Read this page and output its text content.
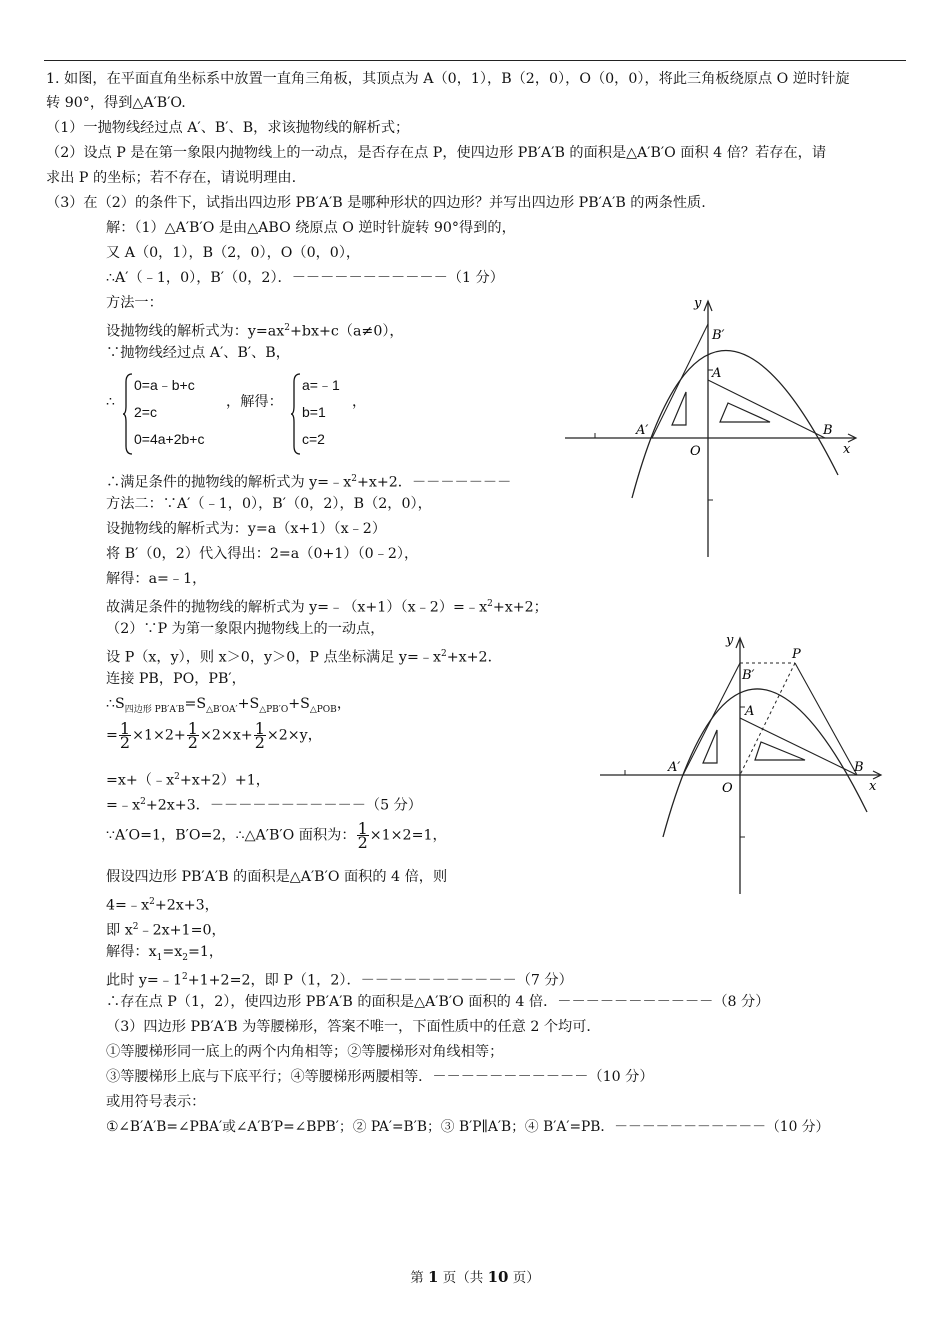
1. 如图，在平面直角坐标系中放置一直角三角板，其顶点为 A（0，1），B（2，0），O（0，0），将此三角板绕原点 O 逆时针旋
转 90°，得到△A′B′O.
（1）一抛物线经过点 A′、B′、B，求该抛物线的解析式；
（2）设点 P 是在第一象限内抛物线上的一动点，是否存在点 P，使四边形 PB′A′B 的面积是△A′B′O 面积 4 倍？若存在，请
求出 P 的坐标；若不存在，请说明理由.
（3）在（2）的条件下，试指出四边形 PB′A′B 是哪种形状的四边形？并写出四边形 PB′A′B 的两条性质.
解：（1）△A′B′O 是由△ABO 绕原点 O 逆时针旋转 90°得到的，
又 A（0，1），B（2，0），O（0，0），
∴A′（﹣1，0），B′（0，2）．－－－－－－－－－－－（1 分）
方法一：
设抛物线的解析式为：$y=ax^2+bx+c(a\ne 0)$，
∵抛物线经过点 A′、B′、B，
∴
0=a﹣b+c
2=c
0=4a+2b+c
，解得：
a=﹣1
b=1
c=2
，
∴满足条件的抛物线的解析式为 $y=﹣x^2+x+2$．－－－－－－－
方法二：∵A′（﹣1，0），B′（0，2），B（2，0），
设抛物线的解析式为：y=a（x+1）（x﹣2）
将 B′（0，2）代入得出：2=a（0+1）（0﹣2），
解得：a=﹣1，
故满足条件的抛物线的解析式为 $y=﹣(x+1)(x﹣2)=﹣x^2+x+2$；
（2）∵P 为第一象限内抛物线上的一动点，
设 P（x，y），则 x＞0，y＞0，P 点坐标满足 $y=﹣x^2+x+2$．
连接 PB，PO，PB′，
$\therefore S_{四边形 PB'A'B}=S_{\triangle B'OA'}+S_{\triangle PB'O}+S_{\triangle POB}$，
= $\frac{1}{2} \times 1\times 2+ \frac{1}{2} \times 2\times x+ \frac{1}{2} \times 2\times y$，
$=x+(﹣x^2+x+2)+1$，
$=﹣x^2+2x+3$．－－－－－－－－－－－（5 分）
∵A′O=1，B′O=2，∴△A′B′O 面积为： $\frac{1}{2} \times 1\times 2=1$，
假设四边形 PB′A′B 的面积是△A′B′O 面积的 4 倍，则
$4=﹣x^2+2x+3$，
即 $x^2﹣2x+1=0$，
解得：$x_1=x_2=1$，
此时 $y=﹣1^2+1+2=2$，即 P（1，2）．－－－－－－－－－－－（7 分）
∴存在点 P（1，2），使四边形 PB′A′B 的面积是△A′B′O 面积的 4 倍．－－－－－－－－－－－（8 分）
（3）四边形 PB′A′B 为等腰梯形，答案不唯一，下面性质中的任意 2 个均可．
①等腰梯形同一底上的两个内角相等；②等腰梯形对角线相等；
③等腰梯形上底与下底平行；④等腰梯形两腰相等．－－－－－－－－－－－（10 分）
或用符号表示：
①∠B′A′B=∠PBA′或∠A′B′P=∠BPB′；② PA′=B′B；③ B′P∥A′B；④ B′A′=PB．－－－－－－－－－－－（10 分）
y
x
O
A
B′
A′	B
y
x
O
A
B′
A′	B
P
第 1 页（共 10 页）
